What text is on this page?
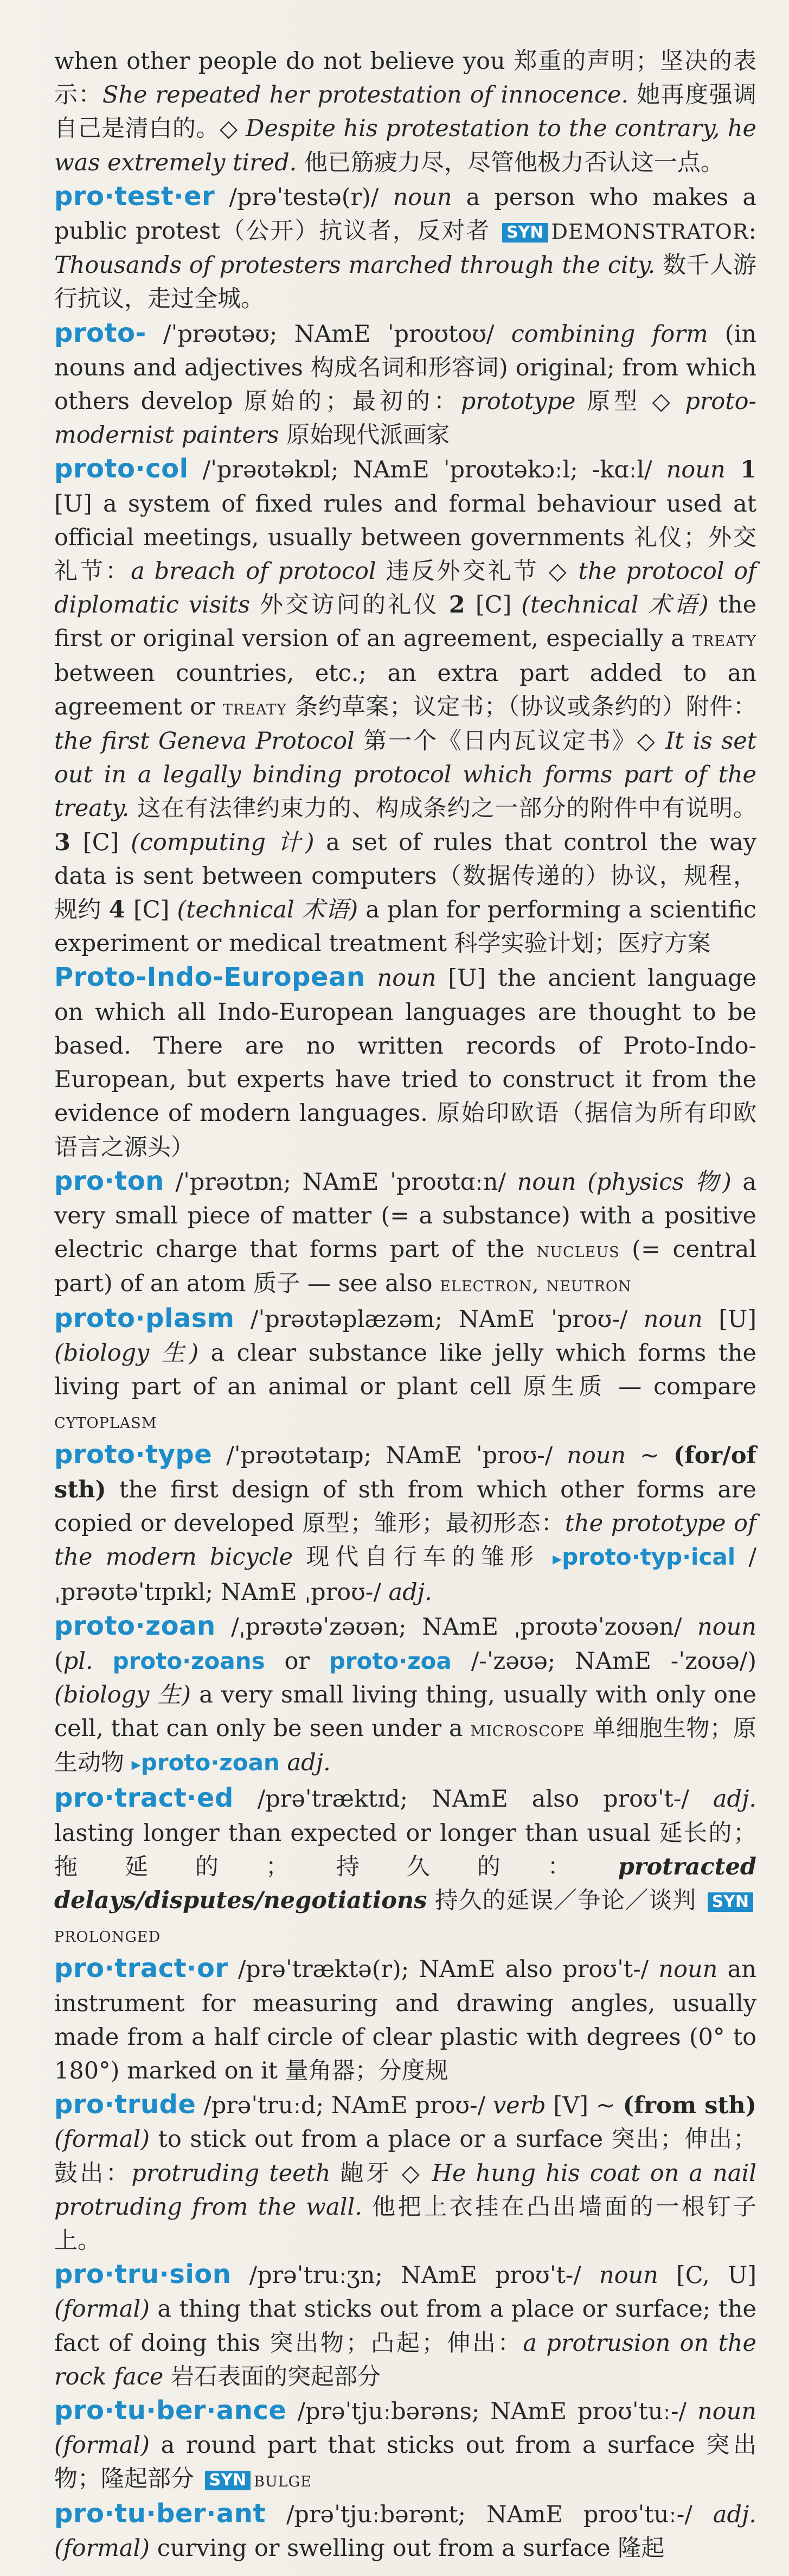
when other people do not believe you 郑重的声明；坚决的表示：She repeated her protestation of innocence. 她再度强调自己是清白的。◇ Despite his protestation to the contrary, he was extremely tired. 他已筋疲力尽，尽管他极力否认这一点。

pro·test·er /prəˈtestə(r)/ noun a person who makes a public protest（公开）抗议者，反对者 SYN DEMONSTRATOR: Thousands of protesters marched through the city. 数千人游行抗议，走过全城。

proto- /ˈprəʊtəʊ; NAmE ˈproʊtoʊ/ combining form (in nouns and adjectives 构成名词和形容词) original; from which others develop 原始的；最初的：prototype 原型 ◇ proto-modernist painters 原始现代派画家

proto·col /ˈprəʊtəkɒl; NAmE ˈproʊtəkɔːl; -kɑːl/ noun 1 [U] a system of fixed rules and formal behaviour used at official meetings, usually between governments 礼仪；外交礼节：a breach of protocol 违反外交礼节 ◇ the protocol of diplomatic visits 外交访问的礼仪 2 [C] (technical 术语) the first or original version of an agreement, especially a treaty between countries, etc.; an extra part added to an agreement or treaty 条约草案；议定书；（协议或条约的）附件：the first Geneva Protocol 第一个《日内瓦议定书》◇ It is set out in a legally binding protocol which forms part of the treaty. 这在有法律约束力的、构成条约之一部分的附件中有说明。 3 [C] (computing 计) a set of rules that control the way data is sent between computers（数据传递的）协议，规程，规约 4 [C] (technical 术语) a plan for performing a scientific experiment or medical treatment 科学实验计划；医疗方案

Proto-Indo-European noun [U] the ancient language on which all Indo-European languages are thought to be based. There are no written records of Proto-Indo-European, but experts have tried to construct it from the evidence of modern languages. 原始印欧语（据信为所有印欧语言之源头）

pro·ton /ˈprəʊtɒn; NAmE ˈproʊtɑːn/ noun (physics 物) a very small piece of matter (= a substance) with a positive electric charge that forms part of the nucleus (= central part) of an atom 质子 — see also electron, neutron

proto·plasm /ˈprəʊtəplæzəm; NAmE ˈproʊ-/ noun [U] (biology 生) a clear substance like jelly which forms the living part of an animal or plant cell 原生质 — compare cytoplasm

proto·type /ˈprəʊtətaɪp; NAmE ˈproʊ-/ noun ~ (for/of sth) the first design of sth from which other forms are copied or developed 原型；雏形；最初形态：the prototype of the modern bicycle 现代自行车的雏形 ▸proto·typ·ical /ˌprəʊtəˈtɪpɪkl; NAmE ˌproʊ-/ adj.

proto·zoan /ˌprəʊtəˈzəʊən; NAmE ˌproʊtəˈzoʊən/ noun (pl. proto·zoans or proto·zoa /-ˈzəʊə; NAmE -ˈzoʊə/) (biology 生) a very small living thing, usually with only one cell, that can only be seen under a microscope 单细胞生物；原生动物 ▸proto·zoan adj.

pro·tract·ed /prəˈtræktɪd; NAmE also proʊˈt-/ adj. lasting longer than expected or longer than usual 延长的；拖延的；持久的：protracted delays/disputes/negotiations 持久的延误／争论／谈判 SYNprolonged

pro·tract·or /prəˈtræktə(r); NAmE also proʊˈt-/ noun an instrument for measuring and drawing angles, usually made from a half circle of clear plastic with degrees (0° to 180°) marked on it 量角器；分度规

pro·trude /prəˈtruːd; NAmE proʊ-/ verb [V] ~ (from sth) (formal) to stick out from a place or a surface 突出；伸出；鼓出：protruding teeth 龅牙 ◇ He hung his coat on a nail protruding from the wall. 他把上衣挂在凸出墙面的一根钉子上。

pro·tru·sion /prəˈtruːʒn; NAmE proʊˈt-/ noun [C, U] (formal) a thing that sticks out from a place or surface; the fact of doing this 突出物；凸起；伸出：a protrusion on the rock face 岩石表面的突起部分

pro·tu·ber·ance /prəˈtjuːbərəns; NAmE proʊˈtuː-/ noun (formal) a round part that sticks out from a surface 突出物；隆起部分 SYN bulge

pro·tu·ber·ant /prəˈtjuːbərənt; NAmE proʊˈtuː-/ adj. (formal) curving or swelling out from a surface 隆起
